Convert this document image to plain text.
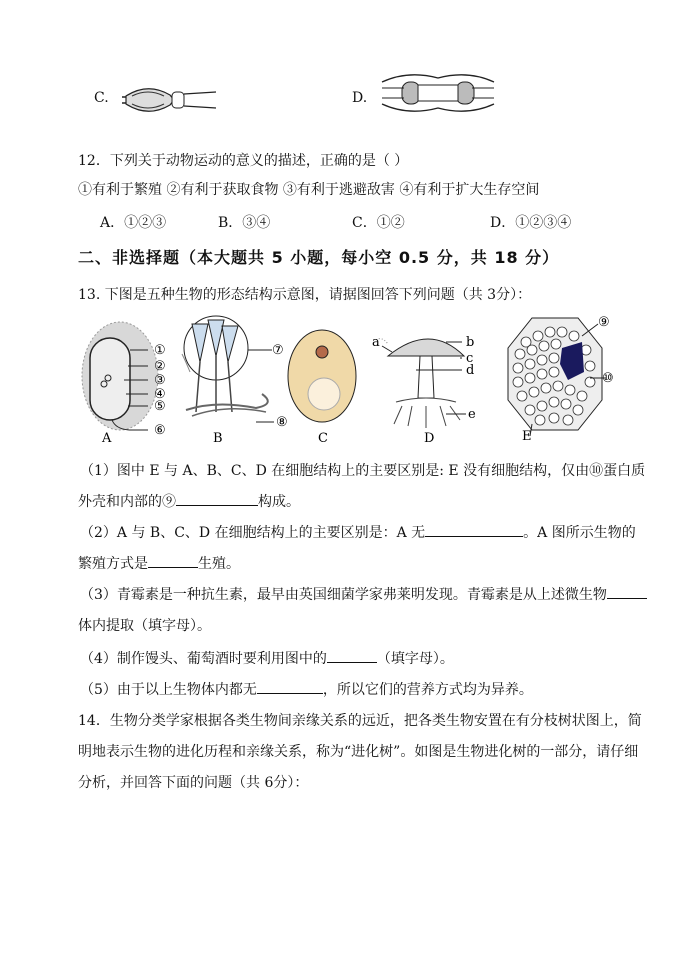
C.	D.
12．下列关于动物运动的意义的描述，正确的是（ ）
①有利于繁殖 ②有利于获取食物 ③有利于逃避敌害 ④有利于扩大生存空间
A．①②③	B．③④	C．①②	D．①②③④
二、非选择题（本大题共 5 小题，每小空 0.5 分，共 18 分）
13. 下图是五种生物的形态结构示意图，请据图回答下列问题（共 3分）：
①
②
③
④
⑤
⑥
A
⑦
⑧
B	C
a	b
c
d
e
D
⑨
⑩
E
（1）图中 E 与 A、B、C、D 在细胞结构上的主要区别是: E 没有细胞结构，仅由⑩蛋白质
外壳和内部的⑨	构成。
（2）A 与 B、C、D 在细胞结构上的主要区别是：A 无	。A 图所示生物的
繁殖方式是	生殖。
（3）青霉素是一种抗生素，最早由英国细菌学家弗莱明发现。青霉素是从上述微生物
体内提取（填字母）。
（4）制作馒头、葡萄酒时要利用图中的	（填字母）。
（5）由于以上生物体内都无	，所以它们的营养方式均为异养。
14．生物分类学家根据各类生物间亲缘关系的远近，把各类生物安置在有分枝树状图上，简
明地表示生物的进化历程和亲缘关系，称为“进化树”。如图是生物进化树的一部分，请仔细
分析，并回答下面的问题（共 6分）：
